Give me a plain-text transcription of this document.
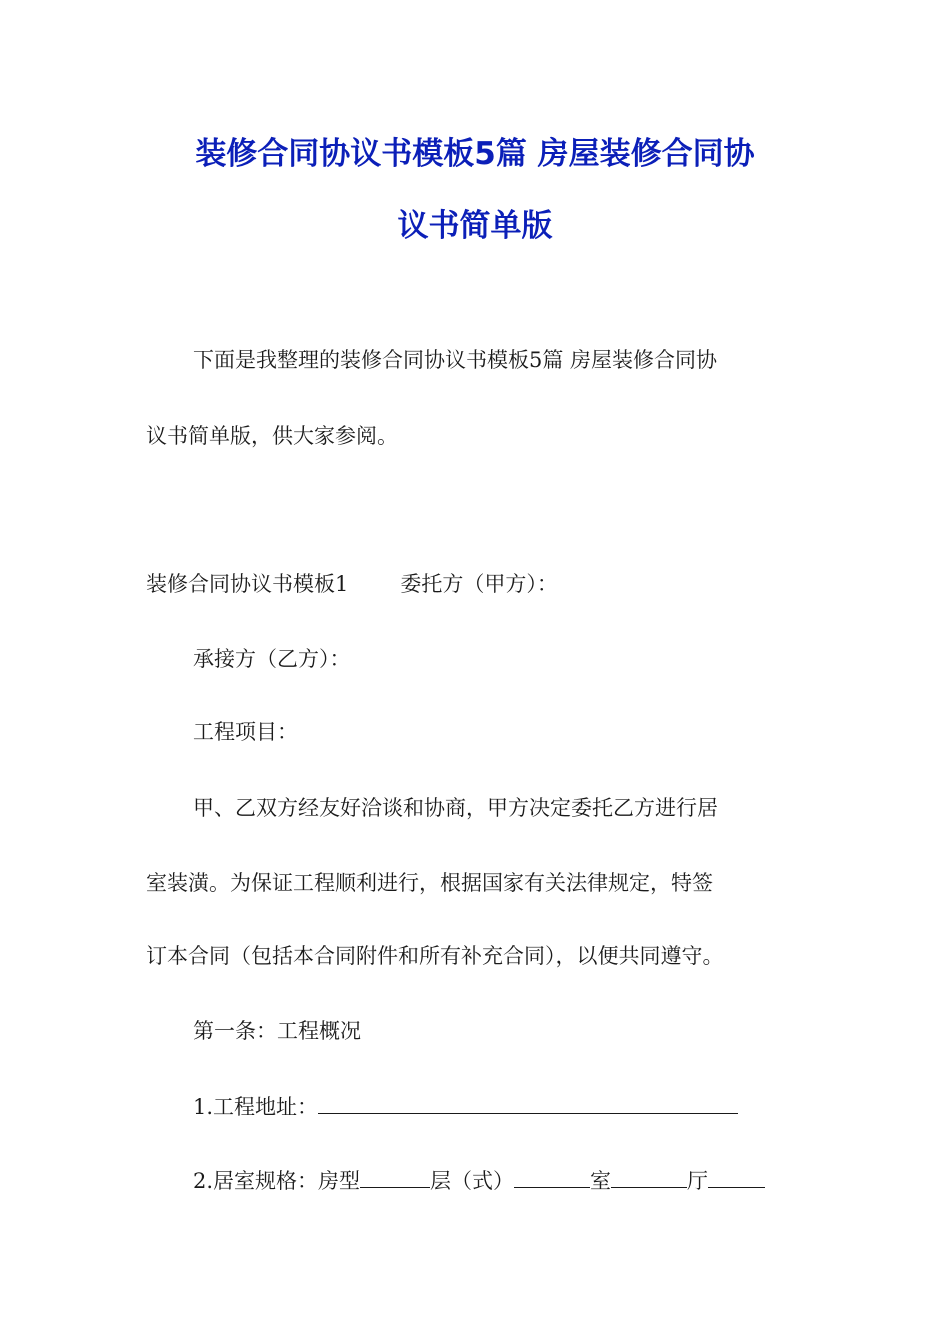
装修合同协议书模板5篇 房屋装修合同协
议书简单版
下面是我整理的装修合同协议书模板5篇 房屋装修合同协
议书简单版，供大家参阅。
装修合同协议书模板1 委托方（甲方）：
承接方（乙方）：
工程项目：
甲、乙双方经友好洽谈和协商，甲方决定委托乙方进行居
室装潢。为保证工程顺利进行，根据国家有关法律规定，特签
订本合同（包括本合同附件和所有补充合同），以便共同遵守。
第一条：工程概况
1.工程地址：
2.居室规格：房型	层（式）	室	厅
